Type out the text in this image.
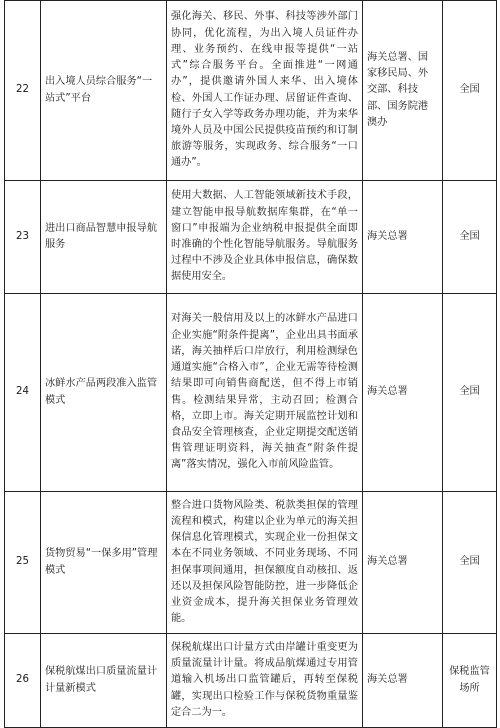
22	出入境人员综合服务“一站式”平台	强化海关、移民、外事、科技等涉外部门协同，优化流程，为出入境人员证件办理、业务预约、在线申报等提供“一站式”综合服务平台。全面推进“一网通办”，提供邀请外国人来华、出入境体检、外国人工作证办理、居留证件查询、随行子女入学等政务办理功能，并为来华境外人员及中国公民提供疫苗预约和订制旅游等服务，实现政务、综合服务“一口通办”。	海关总署、国家移民局、外交部、科技部、国务院港澳办	全国
23	进出口商品智慧申报导航服务	使用大数据、人工智能领域新技术手段，建立智能申报导航数据库集群，在“单一窗口”申报端为企业纳税申报提供全面即时准确的个性化智能导航服务。导航服务过程中不涉及企业具体申报信息，确保数据使用安全。	海关总署	全国
24	冰鲜水产品两段准入监管模式	对海关一般信用及以上的冰鲜水产品进口企业实施“附条件提离”，企业出具书面承诺，海关抽样后口岸放行，利用检测绿色通道实施“合格入市”，企业无需等待检测结果即可向销售商配送，但不得上市销售。检测结果异常，主动召回；检测合格，立即上市。海关定期开展监控计划和食品安全管理核查，企业定期提交配送销售管理证明资料，海关抽查“附条件提离”落实情况，强化入市前风险监管。	海关总署	全国
25	货物贸易“一保多用”管理模式	整合进口货物风险类、税款类担保的管理流程和模式，构建以企业为单元的海关担保信息化管理模式，实现企业一份担保文本在不同业务领域、不同业务现场、不同担保事项间通用，担保额度自动核扣、返还以及担保风险智能防控，进一步降低企业资金成本，提升海关担保业务管理效能。	海关总署	全国
26	保税航煤出口质量流量计计量新模式	保税航煤出口计量方式由岸罐计重变更为质量流量计计量。将成品航煤通过专用管道输入机场出口监管罐后，再转至保税罐，实现出口检验工作与保税货物重量鉴定合二为一。	海关总署	保税监管场所
